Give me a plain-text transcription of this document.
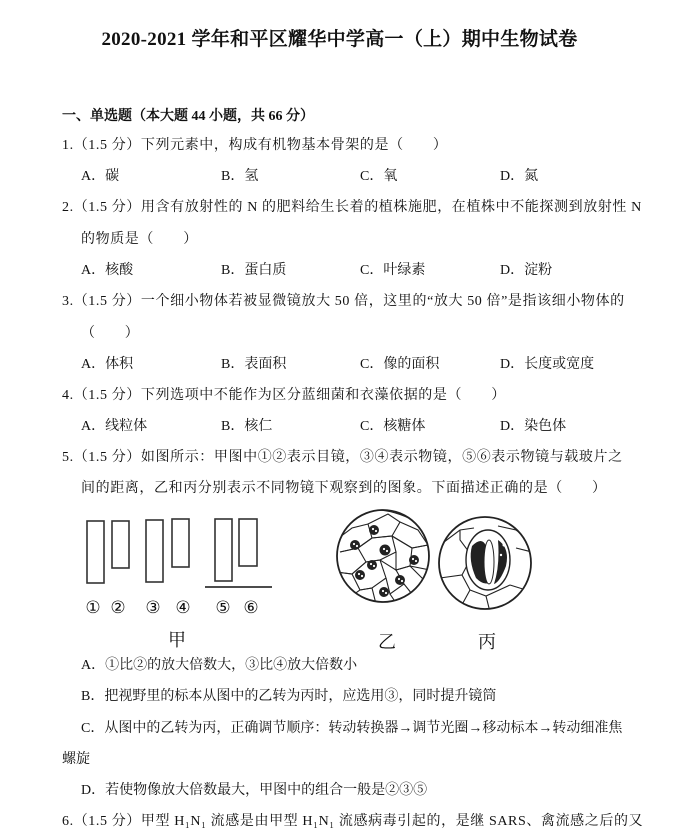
2020-2021 学年和平区耀华中学高一（上）期中生物试卷
一、单选题（本大题 44 小题，共 66 分）
1.（1.5 分）下列元素中，构成有机物基本骨架的是（　　）
A．碳	B．氢	C．氧	D．氮
2.（1.5 分）用含有放射性的 N 的肥料给生长着的植株施肥，在植株中不能探测到放射性 N
的物质是（　　）
A．核酸	B．蛋白质	C．叶绿素	D．淀粉
3.（1.5 分）一个细小物体若被显微镜放大 50 倍，这里的“放大 50 倍”是指该细小物体的
（　　）
A．体积	B．表面积	C．像的面积	D．长度或宽度
4.（1.5 分）下列选项中不能作为区分蓝细菌和衣藻依据的是（　　）
A．线粒体	B．核仁	C．核糖体	D．染色体
5.（1.5 分）如图所示：甲图中①②表示目镜，③④表示物镜，⑤⑥表示物镜与载玻片之
间的距离，乙和丙分别表示不同物镜下观察到的图象。下面描述正确的是（　　）
① ② ③ ④ ⑤ ⑥
甲	乙	丙
A．①比②的放大倍数大，③比④放大倍数小
B．把视野里的标本从图中的乙转为丙时，应选用③，同时提升镜筒
C．从图中的乙转为丙，正确调节顺序：转动转换器→调节光圈→移动标本→转动细准焦
螺旋
D．若使物像放大倍数最大，甲图中的组合一般是②③⑤
6.（1.5 分）甲型 H₁N₁ 流感是由甲型 H₁N₁ 流感病毒引起的，是继 SARS、禽流感之后的又
